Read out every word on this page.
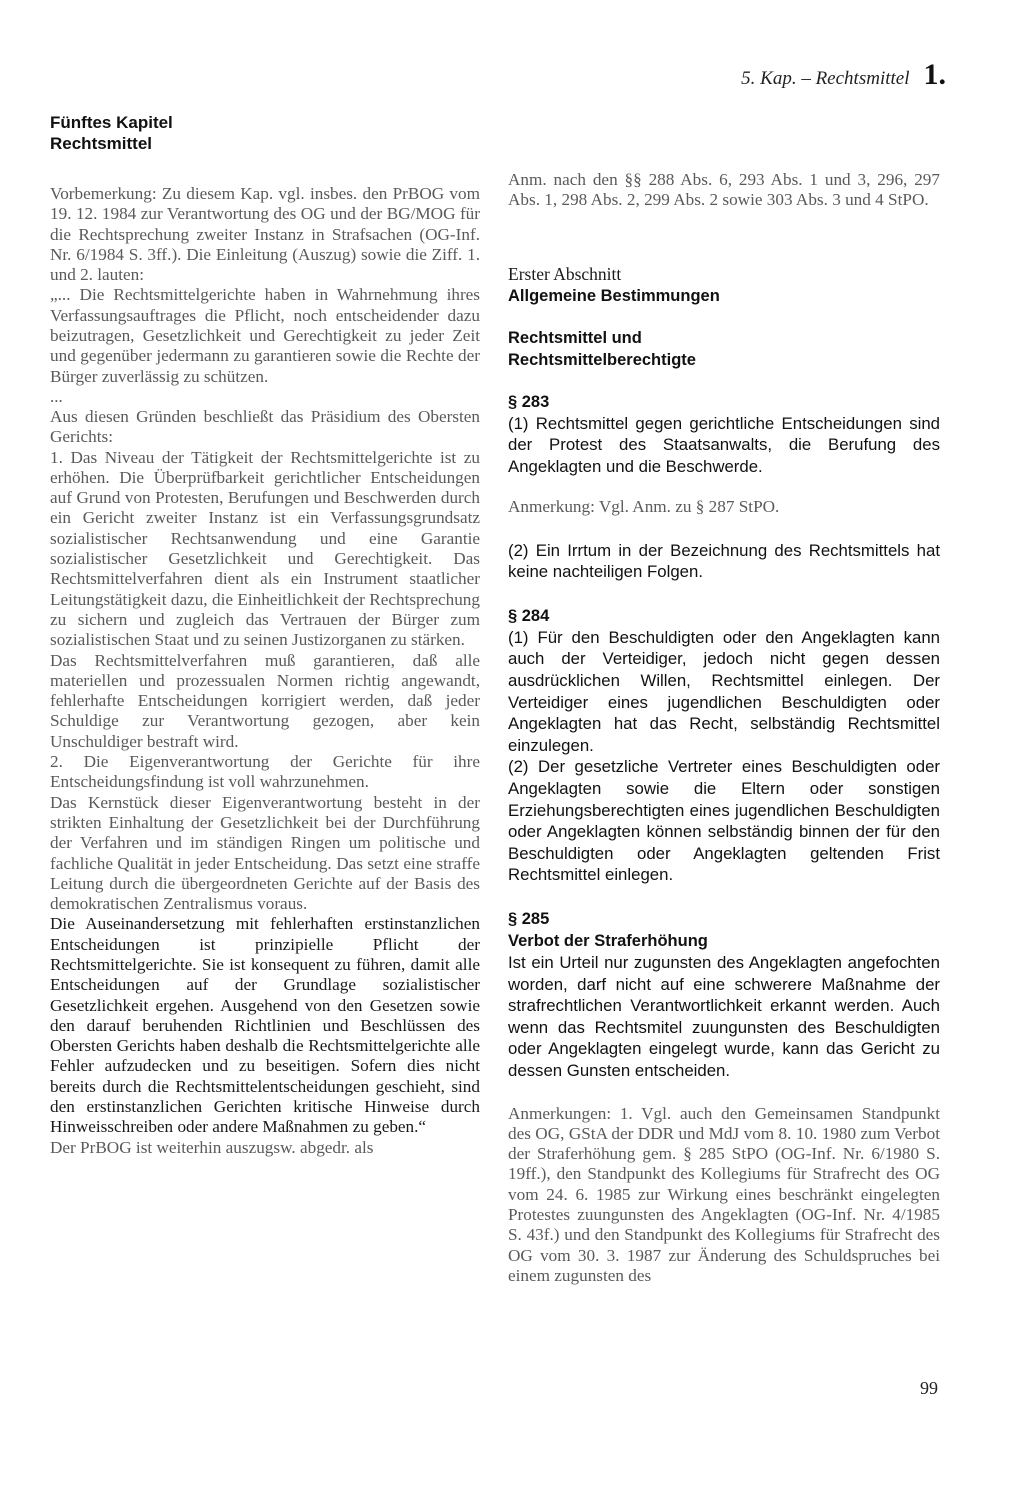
5. Kap. – Rechtsmittel 1.
Fünftes Kapitel
Rechtsmittel

Vorbemerkung: Zu diesem Kap. vgl. insbes. den PrBOG vom 19. 12. 1984 zur Verantwortung des OG und der BG/MOG für die Rechtsprechung zweiter Instanz in Strafsachen (OG-Inf. Nr. 6/1984 S. 3ff.). Die Einleitung (Auszug) sowie die Ziff. 1. und 2. lauten:

„... Die Rechtsmittelgerichte haben in Wahrnehmung ihres Verfassungsauftrages die Pflicht, noch entscheidender dazu beizutragen, Gesetzlichkeit und Gerechtigkeit zu jeder Zeit und gegenüber jedermann zu garantieren sowie die Rechte der Bürger zuverlässig zu schützen.

...

Aus diesen Gründen beschließt das Präsidium des Obersten Gerichts:

1. Das Niveau der Tätigkeit der Rechtsmittelgerichte ist zu erhöhen. Die Überprüfbarkeit gerichtlicher Entscheidungen auf Grund von Protesten, Berufungen und Beschwerden durch ein Gericht zweiter Instanz ist ein Verfassungsgrundsatz sozialistischer Rechtsanwendung und eine Garantie sozialistischer Gesetzlichkeit und Gerechtigkeit. Das Rechtsmittelverfahren dient als ein Instrument staatlicher Leitungstätigkeit dazu, die Einheitlichkeit der Rechtsprechung zu sichern und zugleich das Vertrauen der Bürger zum sozialistischen Staat und zu seinen Justizorganen zu stärken.

Das Rechtsmittelverfahren muß garantieren, daß alle materiellen und prozessualen Normen richtig angewandt, fehlerhafte Entscheidungen korrigiert werden, daß jeder Schuldige zur Verantwortung gezogen, aber kein Unschuldiger bestraft wird.

2. Die Eigenverantwortung der Gerichte für ihre Entscheidungsfindung ist voll wahrzunehmen.

Das Kernstück dieser Eigenverantwortung besteht in der strikten Einhaltung der Gesetzlichkeit bei der Durchführung der Verfahren und im ständigen Ringen um politische und fachliche Qualität in jeder Entscheidung. Das setzt eine straffe Leitung durch die übergeordneten Gerichte auf der Basis des demokratischen Zentralismus voraus.

Die Auseinandersetzung mit fehlerhaften erstinstanzlichen Entscheidungen ist prinzipielle Pflicht der Rechtsmittelgerichte. Sie ist konsequent zu führen, damit alle Entscheidungen auf der Grundlage sozialistischer Gesetzlichkeit ergehen. Ausgehend von den Gesetzen sowie den darauf beruhenden Richtlinien und Beschlüssen des Obersten Gerichts haben deshalb die Rechtsmittelgerichte alle Fehler aufzudecken und zu beseitigen. Sofern dies nicht bereits durch die Rechtsmittelentscheidungen geschieht, sind den erstinstanzlichen Gerichten kritische Hinweise durch Hinweisschreiben oder andere Maßnahmen zu geben.“

Der PrBOG ist weiterhin auszugsw. abgedr. als

Anm. nach den §§ 288 Abs. 6, 293 Abs. 1 und 3, 296, 297 Abs. 1, 298 Abs. 2, 299 Abs. 2 sowie 303 Abs. 3 und 4 StPO.

Erster Abschnitt

Allgemeine Bestimmungen

Rechtsmittel und

Rechtsmittelberechtigte

§ 283

(1) Rechtsmittel gegen gerichtliche Entscheidungen sind der Protest des Staatsanwalts, die Berufung des Angeklagten und die Beschwerde.

Anmerkung: Vgl. Anm. zu § 287 StPO.

(2) Ein Irrtum in der Bezeichnung des Rechtsmittels hat keine nachteiligen Folgen.

§ 284

(1) Für den Beschuldigten oder den Angeklagten kann auch der Verteidiger, jedoch nicht gegen dessen ausdrücklichen Willen, Rechtsmittel einlegen. Der Verteidiger eines jugendlichen Beschuldigten oder Angeklagten hat das Recht, selbständig Rechtsmittel einzulegen.

(2) Der gesetzliche Vertreter eines Beschuldigten oder Angeklagten sowie die Eltern oder sonstigen Erziehungsberechtigten eines jugendlichen Beschuldigten oder Angeklagten können selbständig binnen der für den Beschuldigten oder Angeklagten geltenden Frist Rechtsmittel einlegen.

§ 285

Verbot der Straferhöhung

Ist ein Urteil nur zugunsten des Angeklagten angefochten worden, darf nicht auf eine schwerere Maßnahme der strafrechtlichen Verantwortlichkeit erkannt werden. Auch wenn das Rechtsmitel zuungunsten des Beschuldigten oder Angeklagten eingelegt wurde, kann das Gericht zu dessen Gunsten entscheiden.

Anmerkungen: 1. Vgl. auch den Gemeinsamen Standpunkt des OG, GStA der DDR und MdJ vom 8. 10. 1980 zum Verbot der Straferhöhung gem. § 285 StPO (OG-Inf. Nr. 6/1980 S. 19ff.), den Standpunkt des Kollegiums für Strafrecht des OG vom 24. 6. 1985 zur Wirkung eines beschränkt eingelegten Protestes zuungunsten des Angeklagten (OG-Inf. Nr. 4/1985 S. 43f.) und den Standpunkt des Kollegiums für Strafrecht des OG vom 30. 3. 1987 zur Änderung des Schuldspruches bei einem zugunsten des

99
